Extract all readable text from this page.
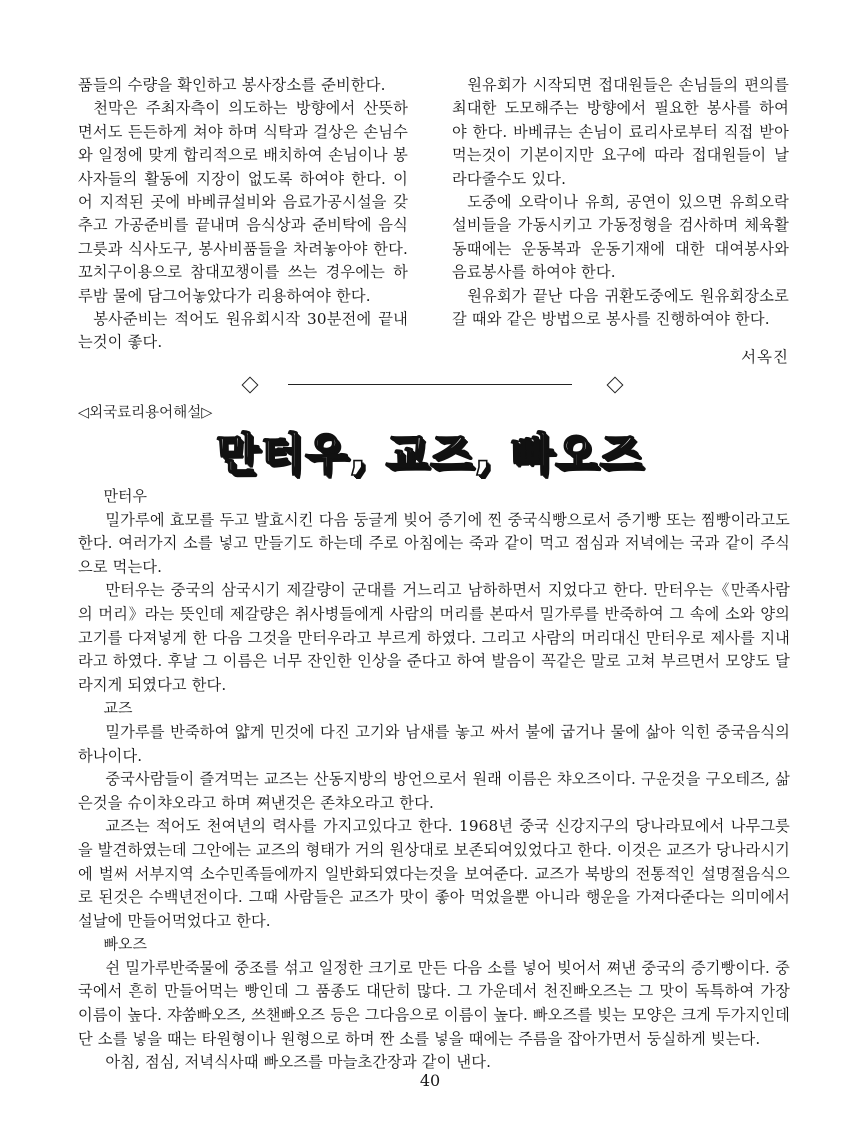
품들의 수량을 확인하고 봉사장소를 준비한다.

천막은 주최자측이 의도하는 방향에서 산뜻하면서도 든든하게 쳐야 하며 식탁과 걸상은 손님수와 일정에 맞게 합리적으로 배치하여 손님이나 봉사자들의 활동에 지장이 없도록 하여야 한다. 이어 지적된 곳에 바베큐설비와 음료가공시설을 갖추고 가공준비를 끝내며 음식상과 준비탁에 음식그릇과 식사도구, 봉사비품들을 차려놓아야 한다. 꼬치구이용으로 참대꼬챙이를 쓰는 경우에는 하루밤 물에 담그어놓았다가 리용하여야 한다.

봉사준비는 적어도 원유회시작 30분전에 끝내는것이 좋다.

원유회가 시작되면 접대원들은 손님들의 편의를 최대한 도모해주는 방향에서 필요한 봉사를 하여야 한다. 바베큐는 손님이 료리사로부터 직접 받아 먹는것이 기본이지만 요구에 따라 접대원들이 날라다줄수도 있다.

도중에 오락이나 유희, 공연이 있으면 유희오락설비들을 가동시키고 가동정형을 검사하며 체육활동때에는 운동복과 운동기재에 대한 대여봉사와 음료봉사를 하여야 한다.

원유회가 끝난 다음 귀환도중에도 원유회장소로 갈 때와 같은 방법으로 봉사를 진행하여야 한다.

서옥진
◁외국료리용어해설▷
만터우, 교즈, 빠오즈
만터우

밀가루에 효모를 두고 발효시킨 다음 둥글게 빚어 증기에 찐 중국식빵으로서 증기빵 또는 찜빵이라고도 한다. 여러가지 소를 넣고 만들기도 하는데 주로 아침에는 죽과 같이 먹고 점심과 저녁에는 국과 같이 주식으로 먹는다.

만터우는 중국의 삼국시기 제갈량이 군대를 거느리고 남하하면서 지었다고 한다. 만터우는《만족사람의 머리》라는 뜻인데 제갈량은 취사병들에게 사람의 머리를 본따서 밀가루를 반죽하여 그 속에 소와 양의 고기를 다져넣게 한 다음 그것을 만터우라고 부르게 하였다. 그리고 사람의 머리대신 만터우로 제사를 지내라고 하였다. 후날 그 이름은 너무 잔인한 인상을 준다고 하여 발음이 꼭같은 말로 고쳐 부르면서 모양도 달라지게 되였다고 한다.

교즈

밀가루를 반죽하여 얇게 민것에 다진 고기와 남새를 놓고 싸서 불에 굽거나 물에 삶아 익힌 중국음식의 하나이다.

중국사람들이 즐겨먹는 교즈는 산동지방의 방언으로서 원래 이름은 챠오즈이다. 구운것을 구오테즈, 삶은것을 슈이챠오라고 하며 쪄낸것은 존챠오라고 한다.

교즈는 적어도 천여년의 력사를 가지고있다고 한다. 1968년 중국 신강지구의 당나라묘에서 나무그릇을 발견하였는데 그안에는 교즈의 형태가 거의 원상대로 보존되여있었다고 한다. 이것은 교즈가 당나라시기에 벌써 서부지역 소수민족들에까지 일반화되였다는것을 보여준다. 교즈가 북방의 전통적인 설명절음식으로 된것은 수백년전이다. 그때 사람들은 교즈가 맛이 좋아 먹었을뿐 아니라 행운을 가져다준다는 의미에서 설날에 만들어먹었다고 한다.

빠오즈

쉰 밀가루반죽물에 중조를 섞고 일정한 크기로 만든 다음 소를 넣어 빚어서 쪄낸 중국의 증기빵이다. 중국에서 흔히 만들어먹는 빵인데 그 품종도 대단히 많다. 그 가운데서 천진빠오즈는 그 맛이 독특하여 가장 이름이 높다. 쟈쑴빠오즈, 쓰챈빠오즈 등은 그다음으로 이름이 높다. 빠오즈를 빚는 모양은 크게 두가지인데 단 소를 넣을 때는 타원형이나 원형으로 하며 짠 소를 넣을 때에는 주름을 잡아가면서 둥실하게 빚는다.

아침, 점심, 저녁식사때 빠오즈를 마늘초간장과 같이 낸다.

40
